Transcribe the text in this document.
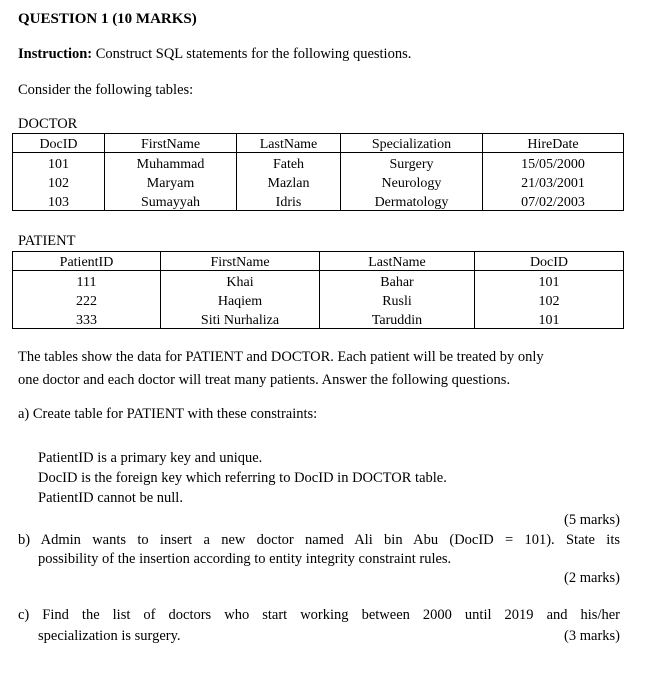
QUESTION 1 (10 MARKS)
Instruction: Construct SQL statements for the following questions.
Consider the following tables:
DOCTOR
DocID	FirstName	LastName	Specialization	HireDate
101	Muhammad	Fateh	Surgery	15/05/2000
102	Maryam	Mazlan	Neurology	21/03/2001
103	Sumayyah	Idris	Dermatology	07/02/2003
PATIENT
PatientID	FirstName	LastName	DocID
111	Khai	Bahar	101
222	Haqiem	Rusli	102
333	Siti Nurhaliza	Taruddin	101
The tables show the data for PATIENT and DOCTOR. Each patient will be treated by only
one doctor and each doctor will treat many patients. Answer the following questions.
a) Create table for PATIENT with these constraints:
PatientID is a primary key and unique.
DocID is the foreign key which referring to DocID in DOCTOR table.
PatientID cannot be null.
(5 marks)
b) Admin wants to insert a new doctor named Ali bin Abu (DocID = 101). State its
possibility of the insertion according to entity integrity constraint rules.
(2 marks)
c) Find the list of doctors who start working between 2000 until 2019 and his/her
specialization is surgery.	(3 marks)
